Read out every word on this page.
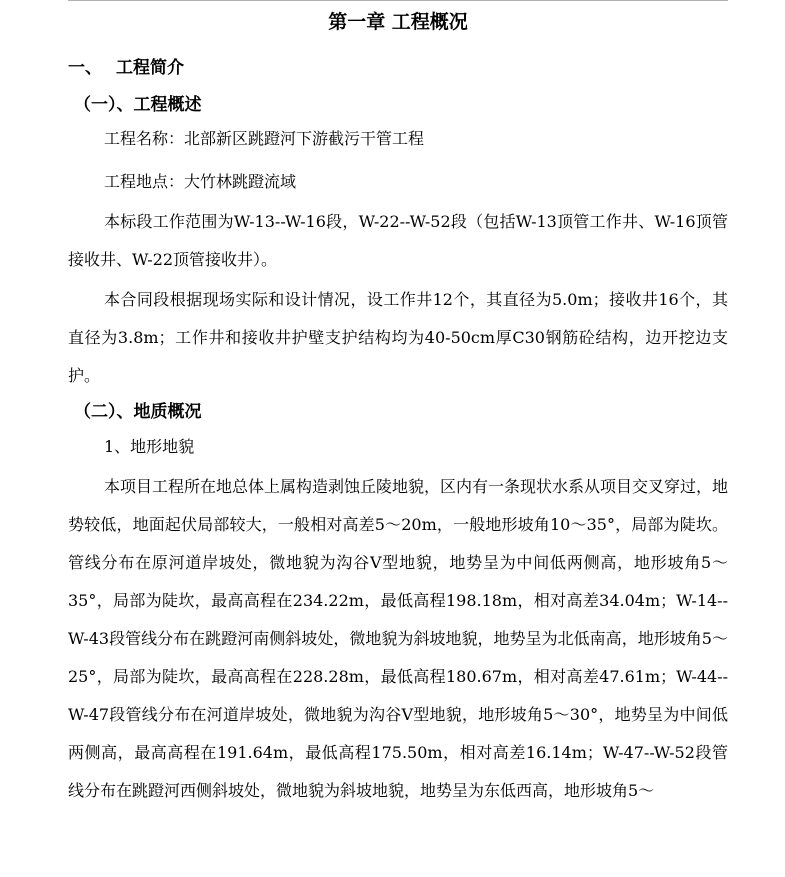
第一章 工程概况
一、 工程简介
（一）、工程概述
工程名称：北部新区跳蹬河下游截污干管工程
工程地点：大竹林跳蹬流域

本标段工作范围为W-13--W-16段，W-22--W-52段（包括W-13顶管工作井、W-16顶管接收井、W-22顶管接收井）。

本合同段根据现场实际和设计情况，设工作井12个，其直径为5.0m；接收井16个，其直径为3.8m；工作井和接收井护壁支护结构均为40-50cm厚C30钢筋砼结构，边开挖边支护。

（二）、地质概况
1、地形地貌

本项目工程所在地总体上属构造剥蚀丘陵地貌，区内有一条现状水系从项目交叉穿过，地势较低，地面起伏局部较大，一般相对高差5～20m，一般地形坡角10～35°，局部为陡坎。管线分布在原河道岸坡处，微地貌为沟谷V型地貌，地势呈为中间低两侧高，地形坡角5～35°，局部为陡坎，最高高程在234.22m，最低高程198.18m，相对高差34.04m；W-14--W-43段管线分布在跳蹬河南侧斜坡处，微地貌为斜坡地貌，地势呈为北低南高，地形坡角5～25°，局部为陡坎，最高高程在228.28m，最低高程180.67m，相对高差47.61m；W-44--W-47段管线分布在河道岸坡处，微地貌为沟谷V型地貌，地形坡角5～30°，地势呈为中间低两侧高，最高高程在191.64m，最低高程175.50m，相对高差16.14m；W-47--W-52段管线分布在跳蹬河西侧斜坡处，微地貌为斜坡地貌，地势呈为东低西高，地形坡角5～
